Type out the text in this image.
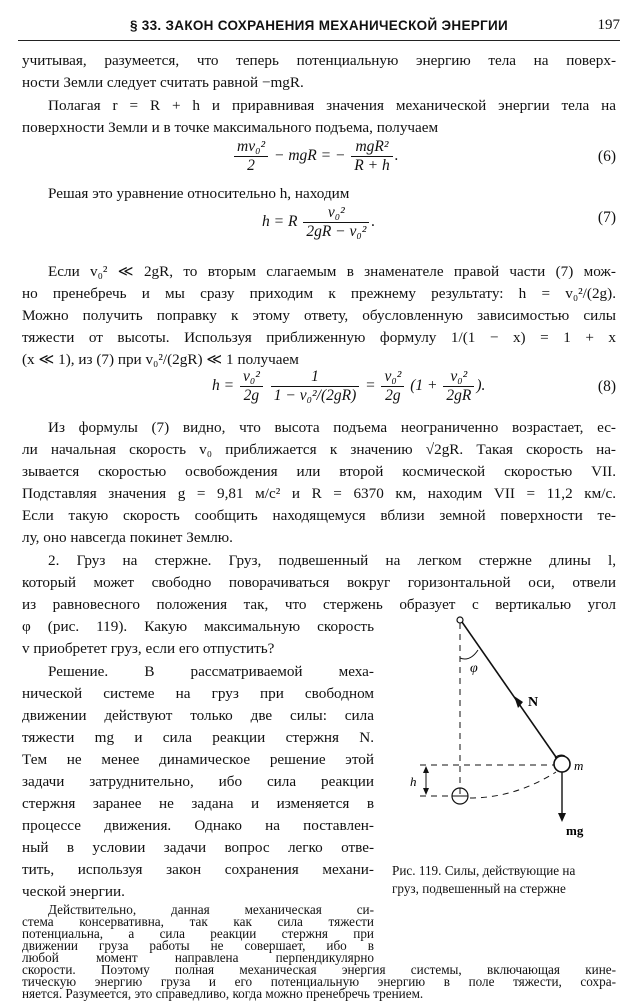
§ 33. ЗАКОН СОХРАНЕНИЯ МЕХАНИЧЕСКОЙ ЭНЕРГИИ	197
учитывая, разумеется, что теперь потенциальную энергию тела на поверх-
ности Земли следует считать равной −mgR.
Полагая r = R + h и приравнивая значения механической энергии тела на
поверхности Земли и в точке максимального подъема, получаем
$\frac{\text{mv₀²}}{2}$ − mgR = − $\frac{\text{mgR²}}{R + h}$ .	(6)
Решая это уравнение относительно h, находим
h = R $\frac{\text{v₀²}}{\text{2gR − v₀²}}$ .	(7)
Если v₀² ≪ 2gR, то вторым слагаемым в знаменателе правой части (7) мож-
но пренебречь и мы сразу приходим к прежнему результату: h = v₀²/(2g).
Можно получить поправку к этому ответу, обусловленную зависимостью силы
тяжести от высоты. Используя приближенную формулу 1/(1 − x) = 1 + x
(x ≪ 1), из (7) при v₀²/(2gR) ≪ 1 получаем
$h = \frac{\text{v₀²}}{2g}$
$\frac{1}{\text{1 − v₀²/(2gR)}} = \frac{\text{v₀²}}{2g} (1 + \frac{\text{v₀²}}{2gR}$ ).	(8)
Из формулы (7) видно, что высота подъема неограниченно возрастает, ес-
ли начальная скорость v₀ приближается к значению √2gR. Такая скорость на-
зывается скоростью освобождения или второй космической скоростью VII.
Подставляя значения g = 9,81 м/с² и R = 6370 км, находим VII = 11,2 км/с.
Если такую скорость сообщить находящемуся вблизи земной поверхности те-
лу, оно навсегда покинет Землю.
2. Груз на стержне. Груз, подвешенный на легком стержне длины l,
который может свободно поворачиваться вокруг горизонтальной оси, отвели
из равновесного положения так, что стержень образует с вертикалью угол
φ (рис. 119). Какую максимальную скорость
v приобретет груз, если его отпустить?
Решение. В рассматриваемой меха-
нической системе на груз при свободном
движении действуют только две силы: сила
тяжести mg и сила реакции стержня N.
Тем не менее динамическое решение этой
задачи затруднительно, ибо сила реакции
стержня заранее не задана и изменяется в
процессе движения. Однако на поставлен-
ный в условии задачи вопрос легко отве-
тить, используя закон сохранения механи-
ческой энергии.
φ
N
m
mg
h
Рис. 119. Силы, действующие на
груз, подвешенный на стержне
Действительно, данная механическая си-
стема консервативна, так как сила тяжести
потенциальна, а сила реакции стержня при
движении груза работы не совершает, ибо в
любой момент направлена перпендикулярно
скорости. Поэтому полная механическая энергия системы, включающая кине-
тическую энергию груза и его потенциальную энергию в поле тяжести, сохра-
няется. Разумеется, это справедливо, когда можно пренебречь трением.
